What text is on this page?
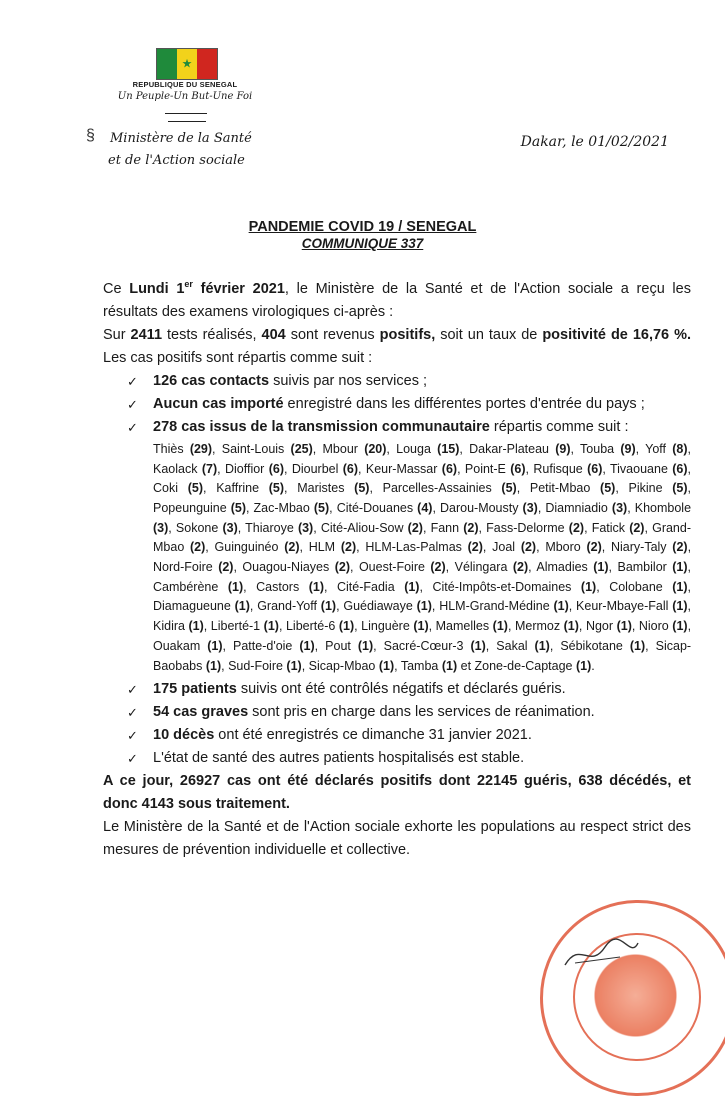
★
REPUBLIQUE DU SENEGAL
Un Peuple-Un But-Une Foi
§	Ministère de la Santé
et de l'Action sociale
Dakar, le 01/02/2021
PANDEMIE COVID 19 / SENEGAL
COMMUNIQUE 337

Ce Lundi 1er février 2021, le Ministère de la Santé et de l'Action sociale a reçu les résultats des examens virologiques ci-après :

Sur 2411 tests réalisés, 404 sont revenus positifs, soit un taux de positivité de 16,76 %. Les cas positifs sont répartis comme suit :

✓	126 cas contacts suivis par nos services ;
✓	Aucun cas importé enregistré dans les différentes portes d'entrée du pays ;
✓	278 cas issus de la transmission communautaire répartis comme suit :
Thiès (29), Saint-Louis (25), Mbour (20), Louga (15), Dakar-Plateau (9), Touba (9), Yoff (8), Kaolack (7), Dioffior (6), Diourbel (6), Keur-Massar (6), Point-E (6), Rufisque (6), Tivaouane (6), Coki (5), Kaffrine (5), Maristes (5), Parcelles-Assainies (5), Petit-Mbao (5), Pikine (5), Popeunguine (5), Zac-Mbao (5), Cité-Douanes (4), Darou-Mousty (3), Diamniadio (3), Khombole (3), Sokone (3), Thiaroye (3), Cité-Aliou-Sow (2), Fann (2), Fass-Delorme (2), Fatick (2), Grand-Mbao (2), Guinguinéo (2), HLM (2), HLM-Las-Palmas (2), Joal (2), Mboro (2), Niary-Taly (2), Nord-Foire (2), Ouagou-Niayes (2), Ouest-Foire (2), Vélingara (2), Almadies (1), Bambilor (1), Cambérène (1), Castors (1), Cité-Fadia (1), Cité-Impôts-et-Domaines (1), Colobane (1), Diamagueune (1), Grand-Yoff (1), Guédiawaye (1), HLM-Grand-Médine (1), Keur-Mbaye-Fall (1), Kidira (1), Liberté-1 (1), Liberté-6 (1), Linguère (1), Mamelles (1), Mermoz (1), Ngor (1), Nioro (1), Ouakam (1), Patte-d'oie (1), Pout (1), Sacré-Cœur-3 (1), Sakal (1), Sébikotane (1), Sicap-Baobabs (1), Sud-Foire (1), Sicap-Mbao (1), Tamba (1) et Zone-de-Captage (1).
✓	175 patients suivis ont été contrôlés négatifs et déclarés guéris.
✓	54 cas graves sont pris en charge dans les services de réanimation.
✓	10 décès ont été enregistrés ce dimanche 31 janvier 2021.
✓	L'état de santé des autres patients hospitalisés est stable.

A ce jour, 26927 cas ont été déclarés positifs dont 22145 guéris, 638 décédés, et donc 4143 sous traitement.

Le Ministère de la Santé et de l'Action sociale exhorte les populations au respect strict des mesures de prévention individuelle et collective.
